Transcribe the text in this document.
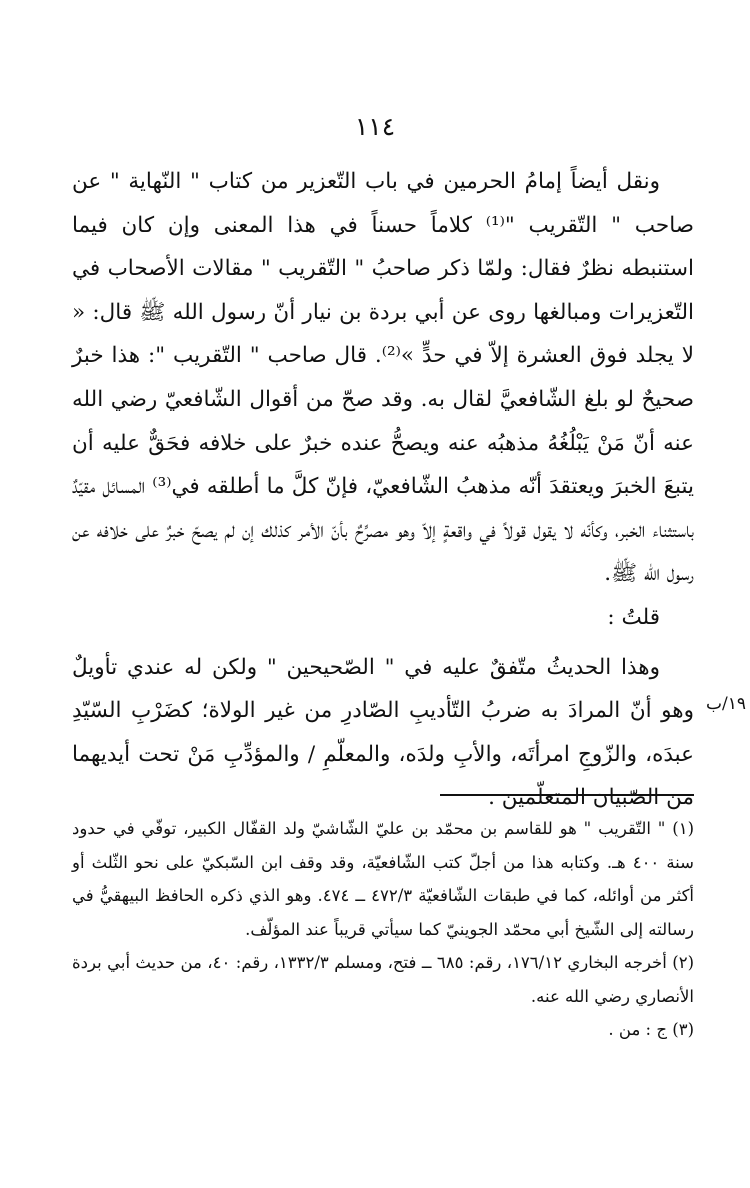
١١٤

ونقل أيضاً إمامُ الحرمين في باب التّعزير من كتاب " النّهاية " عن صاحب " التّقريب "⁽¹⁾ كلاماً حسناً في هذا المعنى وإن كان فيما استنبطه نظرٌ فقال: ولمّا ذكر صاحبُ " التّقريب " مقالات الأصحاب في التّعزيرات ومبالغها روى عن أبي بردة بن نيار أنّ رسول الله ﷺ قال: « لا يجلد فوق العشرة إلاّ في حدٍّ »⁽²⁾. قال صاحب " التّقريب ": هذا خبرٌ صحيحٌ لو بلغ الشّافعيَّ لقال به. وقد صحّ من أقوال الشّافعيّ رضي الله عنه أنّ مَنْ يَبْلُغُهُ مذهبُه عنه ويصحُّ عنده خبرٌ على خلافه فحَقٌّ عليه أن يتبعَ الخبرَ ويعتقدَ أنّه مذهبُ الشّافعيّ، فإنّ كلَّ ما أطلقه في⁽³⁾ المسائل مقيّدٌ باستثناء الخبر، وكأنّه لا يقول قولاً في واقعةٍ إلاّ وهو مصرِّحٌ بأنّ الأمر كذلك إن لم يصحّ خبرٌ على خلافه عن رسول الله ﷺ.

قلتُ :

وهذا الحديثُ متّفقٌ عليه في " الصّحيحين " ولكن له عندي تأويلٌ وهو أنّ المرادَ به ضربُ التّأديبِ الصّادرِ من غير الولاة؛ كضَرْبِ السّيّدِ عبدَه، والزّوجِ امرأتَه، والأبِ ولدَه، والمعلّمِ / والمؤدِّبِ مَنْ تحت أيديهما من الصّبيان المتعلّمين .

١٩/ب

(١) " التّقريب " هو للقاسم بن محمّد بن عليّ الشّاشيّ ولد القفّال الكبير، توفّي في حدود سنة ٤٠٠ هـ. وكتابه هذا من أجلّ كتب الشّافعيّة، وقد وقف ابن السّبكيّ على نحو الثّلث أو أكثر من أوائله، كما في طبقات الشّافعيّة ٤٧٢/٣ ــ ٤٧٤. وهو الذي ذكره الحافظ البيهقيُّ في رسالته إلى الشّيخ أبي محمّد الجوينيّ كما سيأتي قريباً عند المؤلّف.

(٢) أخرجه البخاري ١٧٦/١٢، رقم: ٦٨٥ ــ فتح، ومسلم ١٣٣٢/٣، رقم: ٤٠، من حديث أبي بردة الأنصاري رضي الله عنه.

(٣) ج : من .
